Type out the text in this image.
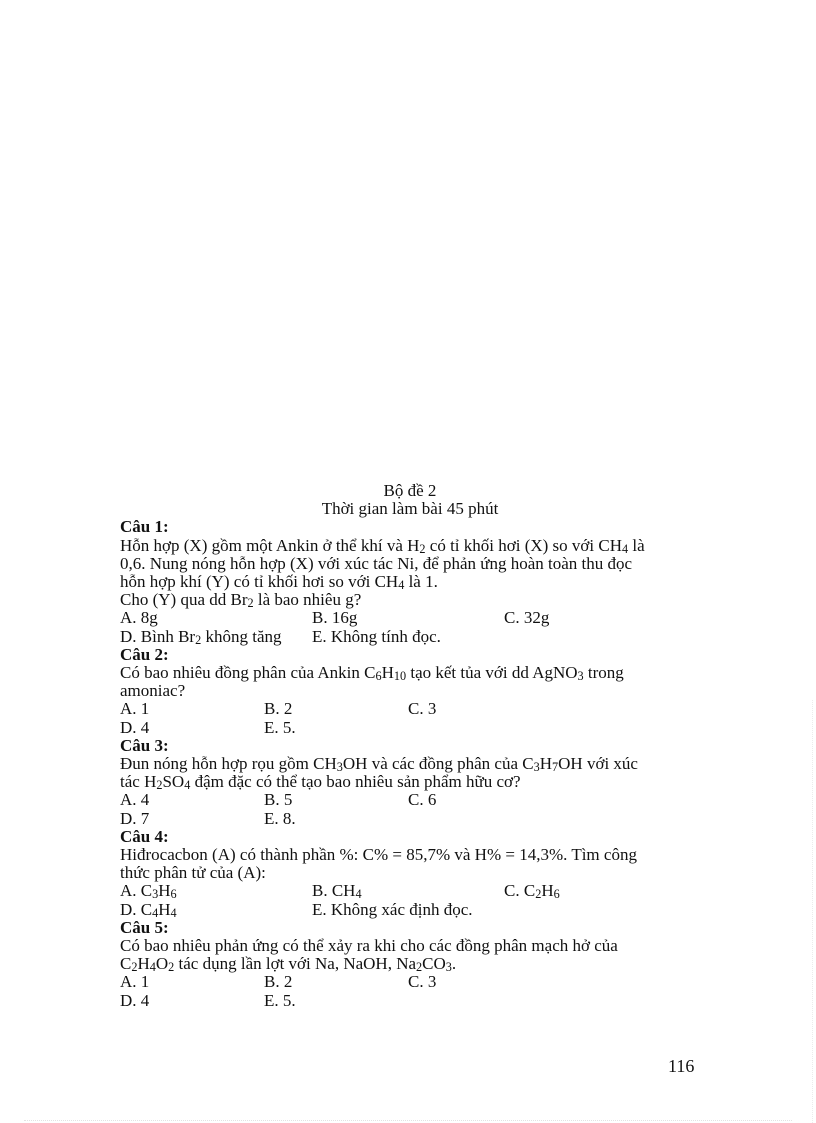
Bộ đề 2
Thời gian làm bài 45 phút
Câu 1:
Hỗn hợp (X) gồm một Ankin ở thể khí và $H_2$ có tỉ khối hơi (X) so với $CH_4$ là
0,6. Nung nóng hỗn hợp (X) với xúc tác Ni, để phản ứng hoàn toàn thu đọc
hỗn hợp khí (Y) có tỉ khối hơi so với $CH_4$ là 1.
Cho (Y) qua dd $Br_2$ là bao nhiêu g?
A. 8g	B. 16g	C. 32g
D. Bình $Br_2$ không tăng	E. Không tính đọc.
Câu 2:
Có bao nhiêu đồng phân của Ankin $C_6H_{10}$ tạo kết tủa với dd AgNO$_3$ trong
amoniac?
A. 1	B. 2	C. 3
D. 4	E. 5.
Câu 3:
Đun nóng hỗn hợp rọu gồm $CH_3OH$ và các đồng phân của $C_3H_7OH$ với xúc
tác $H_2SO_4$ đậm đặc có thể tạo bao nhiêu sản phẩm hữu cơ?
A. 4	B. 5	C. 6
D. 7	E. 8.
Câu 4:
Hiđrocacbon (A) có thành phần %: C% = 85,7% và H% = 14,3%. Tìm công
thức phân tử của (A):
A. $C_3H_6$	B. $CH_4$	C. $C_2H_6$
D. $C_4H_4$	E. Không xác định đọc.
Câu 5:
Có bao nhiêu phản ứng có thể xảy ra khi cho các đồng phân mạch hở của
$C_2H_4O_2$ tác dụng lần lợt với Na, NaOH, $Na_2CO_3$.
A. 1	B. 2	C. 3
D. 4	E. 5.
116
